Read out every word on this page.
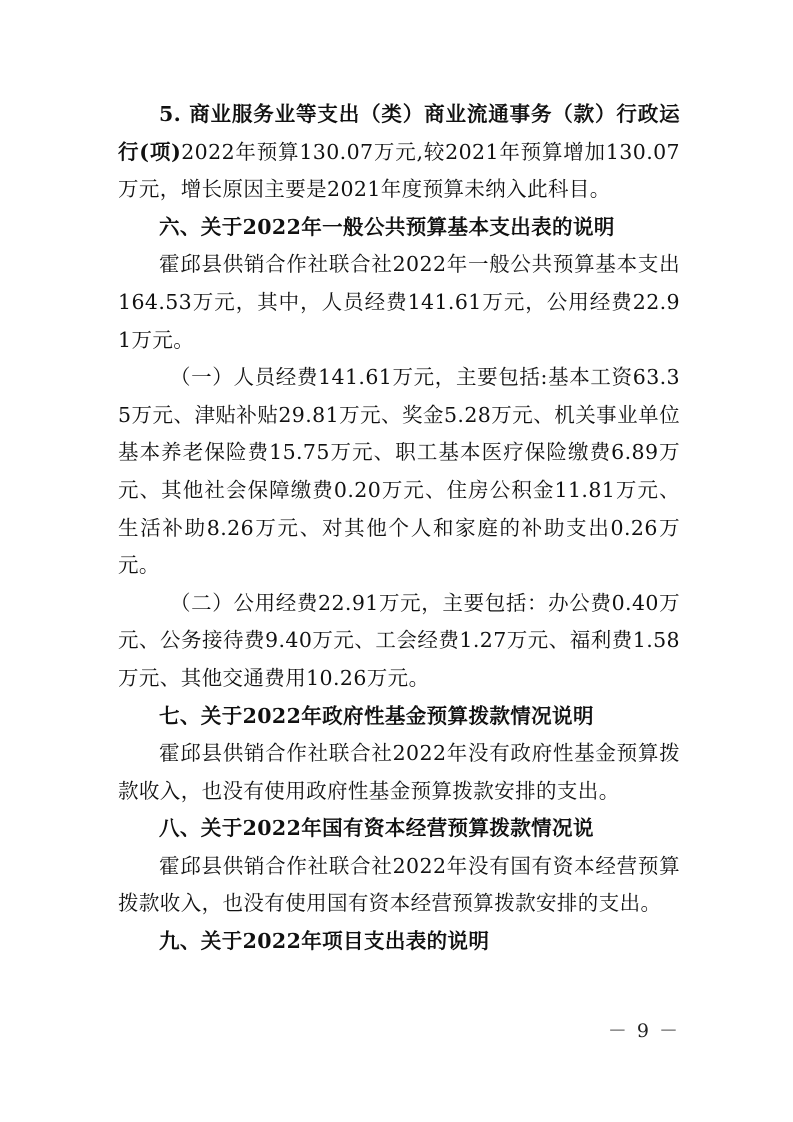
5. 商业服务业等支出（类）商业流通事务（款）行政运行(项)2022年预算130.07万元,较2021年预算增加130.07万元，增长原因主要是2021年度预算未纳入此科目。

六、关于2022年一般公共预算基本支出表的说明

霍邱县供销合作社联合社2022年一般公共预算基本支出164.53万元，其中，人员经费141.61万元，公用经费22.91万元。

（一）人员经费141.61万元，主要包括:基本工资63.35万元、津贴补贴29.81万元、奖金5.28万元、机关事业单位基本养老保险费15.75万元、职工基本医疗保险缴费6.89万元、其他社会保障缴费0.20万元、住房公积金11.81万元、生活补助8.26万元、对其他个人和家庭的补助支出0.26万元。

（二）公用经费22.91万元，主要包括：办公费0.40万元、公务接待费9.40万元、工会经费1.27万元、福利费1.58万元、其他交通费用10.26万元。

七、关于2022年政府性基金预算拨款情况说明

霍邱县供销合作社联合社2022年没有政府性基金预算拨款收入，也没有使用政府性基金预算拨款安排的支出。

八、关于2022年国有资本经营预算拨款情况说

霍邱县供销合作社联合社2022年没有国有资本经营预算拨款收入，也没有使用国有资本经营预算拨款安排的支出。

九、关于2022年项目支出表的说明

－ 9 －
